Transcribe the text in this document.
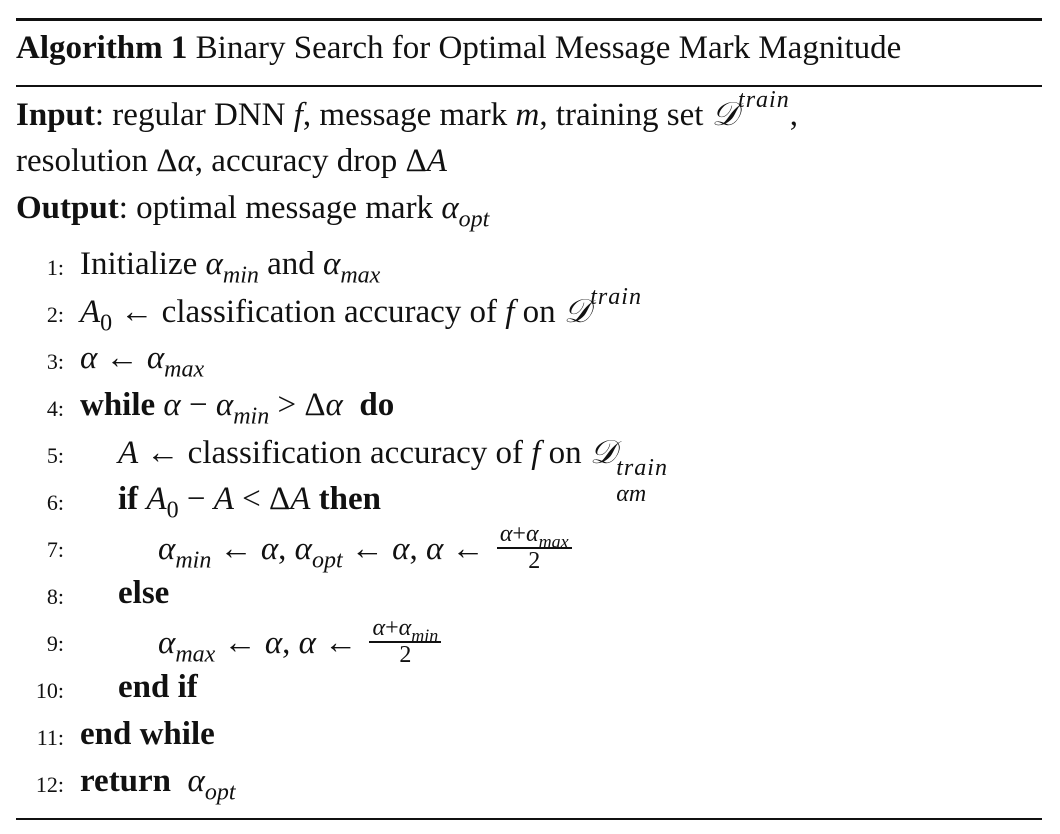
Algorithm 1 Binary Search for Optimal Message Mark Magnitude
Input: regular DNN f, message mark m, training set 𝒟$^{train}$,
resolution Δα, accuracy drop ΔA
Output: optimal message mark $\alpha_{opt}$
1: Initialize $\alpha_{min}$ and $\alpha_{max}$
2: $A_0$ ← classification accuracy of f on 𝒟$^{train}$
3: α ← $\alpha_{max}$
4: while $\alpha - \alpha_{min} > \Delta\alpha$ do
5: A ← classification accuracy of f on 𝒟 train
αm
6: if $A_0 - A < \Delta A$ then
7:	$\alpha_{min}$ ← α, $\alpha_{opt}$ ← α, α ← $\frac{\alpha+\alpha_{max}}{2}$
8: else
9:	$\alpha_{max}$ ← α, α ← $\frac{\alpha+\alpha_{min}}{2}$
10: end if
11: end while
12: return $\alpha_{opt}$
